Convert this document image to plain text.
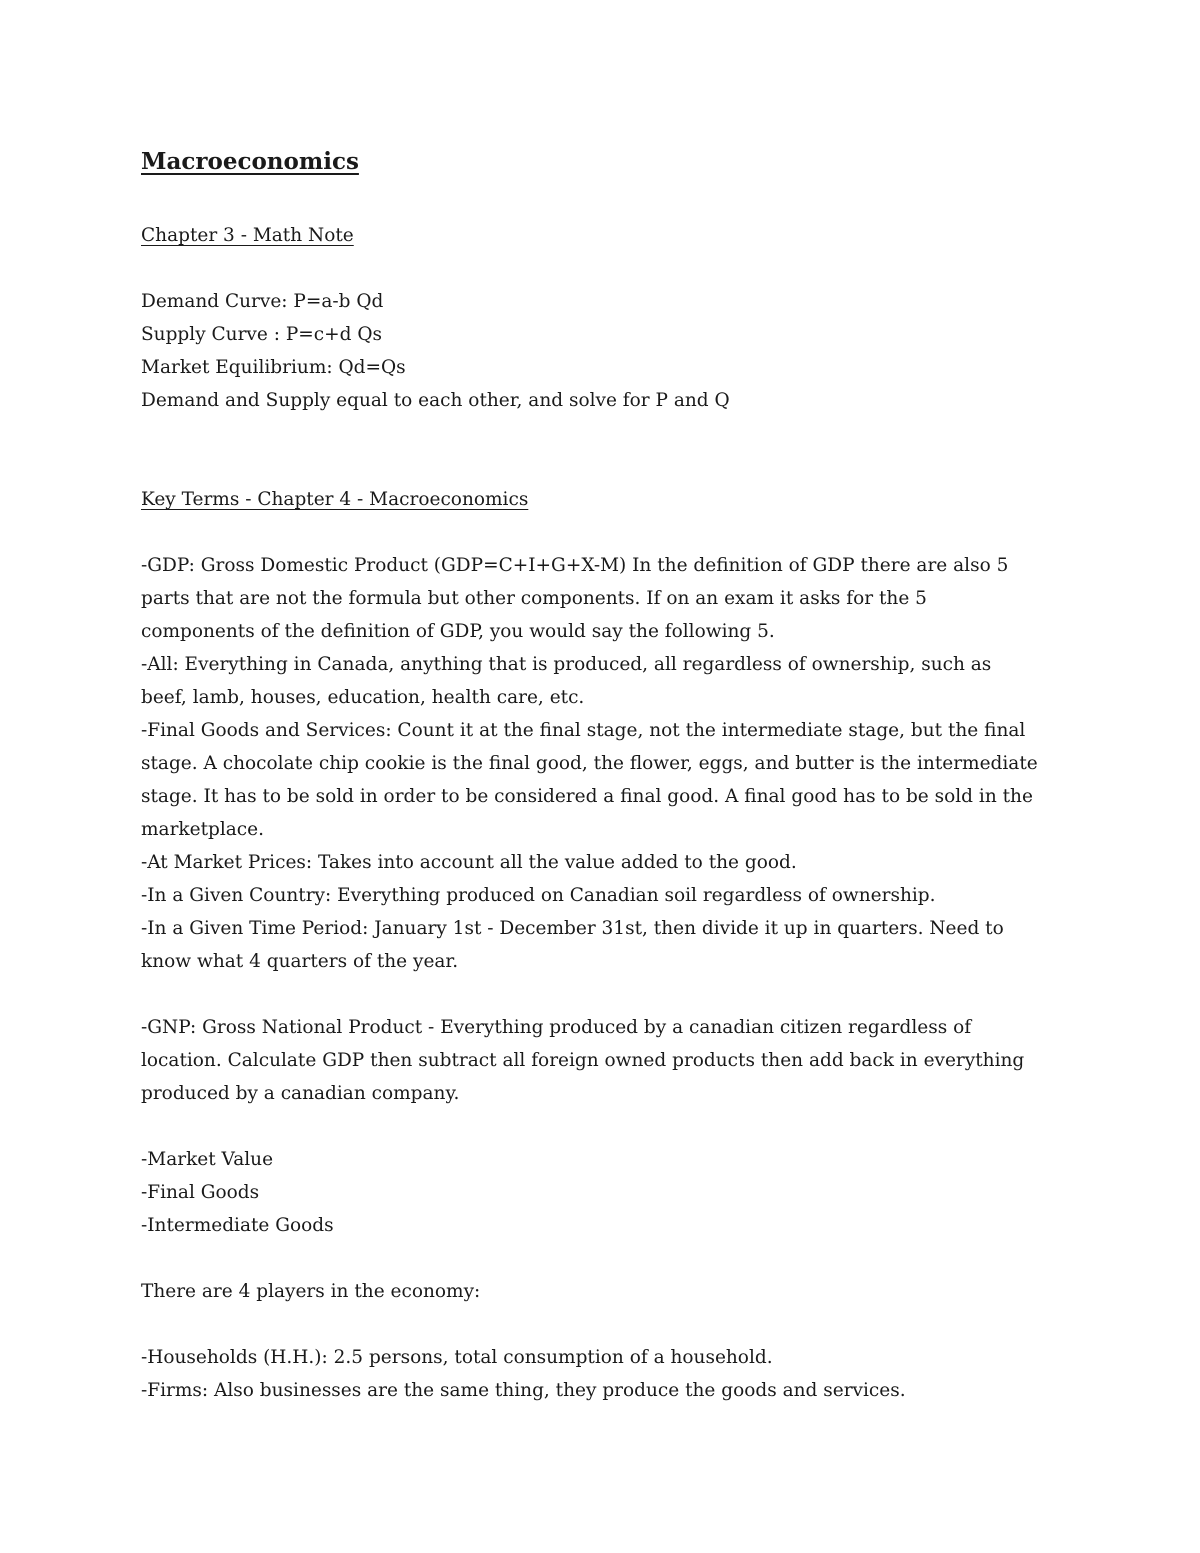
Macroeconomics
Chapter 3 - Math Note
Demand Curve: P=a-b Qd
Supply Curve : P=c+d Qs
Market Equilibrium: Qd=Qs
Demand and Supply equal to each other, and solve for P and Q
Key Terms - Chapter 4 - Macroeconomics
-GDP: Gross Domestic Product (GDP=C+I+G+X-M) In the definition of GDP there are also 5
parts that are not the formula but other components. If on an exam it asks for the 5
components of the definition of GDP, you would say the following 5.
-All: Everything in Canada, anything that is produced, all regardless of ownership, such as
beef, lamb, houses, education, health care, etc.
-Final Goods and Services: Count it at the final stage, not the intermediate stage, but the final
stage. A chocolate chip cookie is the final good, the flower, eggs, and butter is the intermediate
stage. It has to be sold in order to be considered a final good. A final good has to be sold in the
marketplace.
-At Market Prices: Takes into account all the value added to the good.
-In a Given Country: Everything produced on Canadian soil regardless of ownership.
-In a Given Time Period: January 1st - December 31st, then divide it up in quarters. Need to
know what 4 quarters of the year.
-GNP: Gross National Product - Everything produced by a canadian citizen regardless of
location. Calculate GDP then subtract all foreign owned products then add back in everything
produced by a canadian company.
-Market Value
-Final Goods
-Intermediate Goods
There are 4 players in the economy:
-Households (H.H.): 2.5 persons, total consumption of a household.
-Firms: Also businesses are the same thing, they produce the goods and services.
